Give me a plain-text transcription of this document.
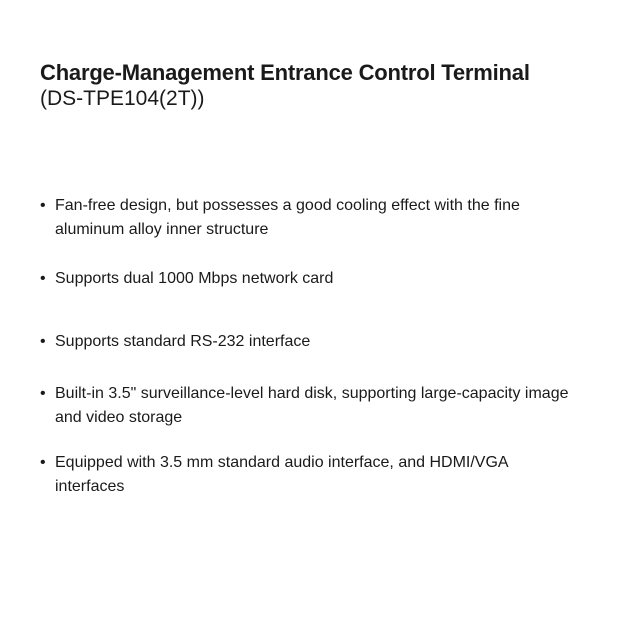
Charge-Management Entrance Control Terminal

(DS-TPE104(2T))

• Fan-free design, but possesses a good cooling effect with the fine aluminum alloy inner structure
• Supports dual 1000 Mbps network card
• Supports standard RS-232 interface
• Built-in 3.5" surveillance-level hard disk, supporting large-capacity image and video storage
• Equipped with 3.5 mm standard audio interface, and HDMI/VGA interfaces
